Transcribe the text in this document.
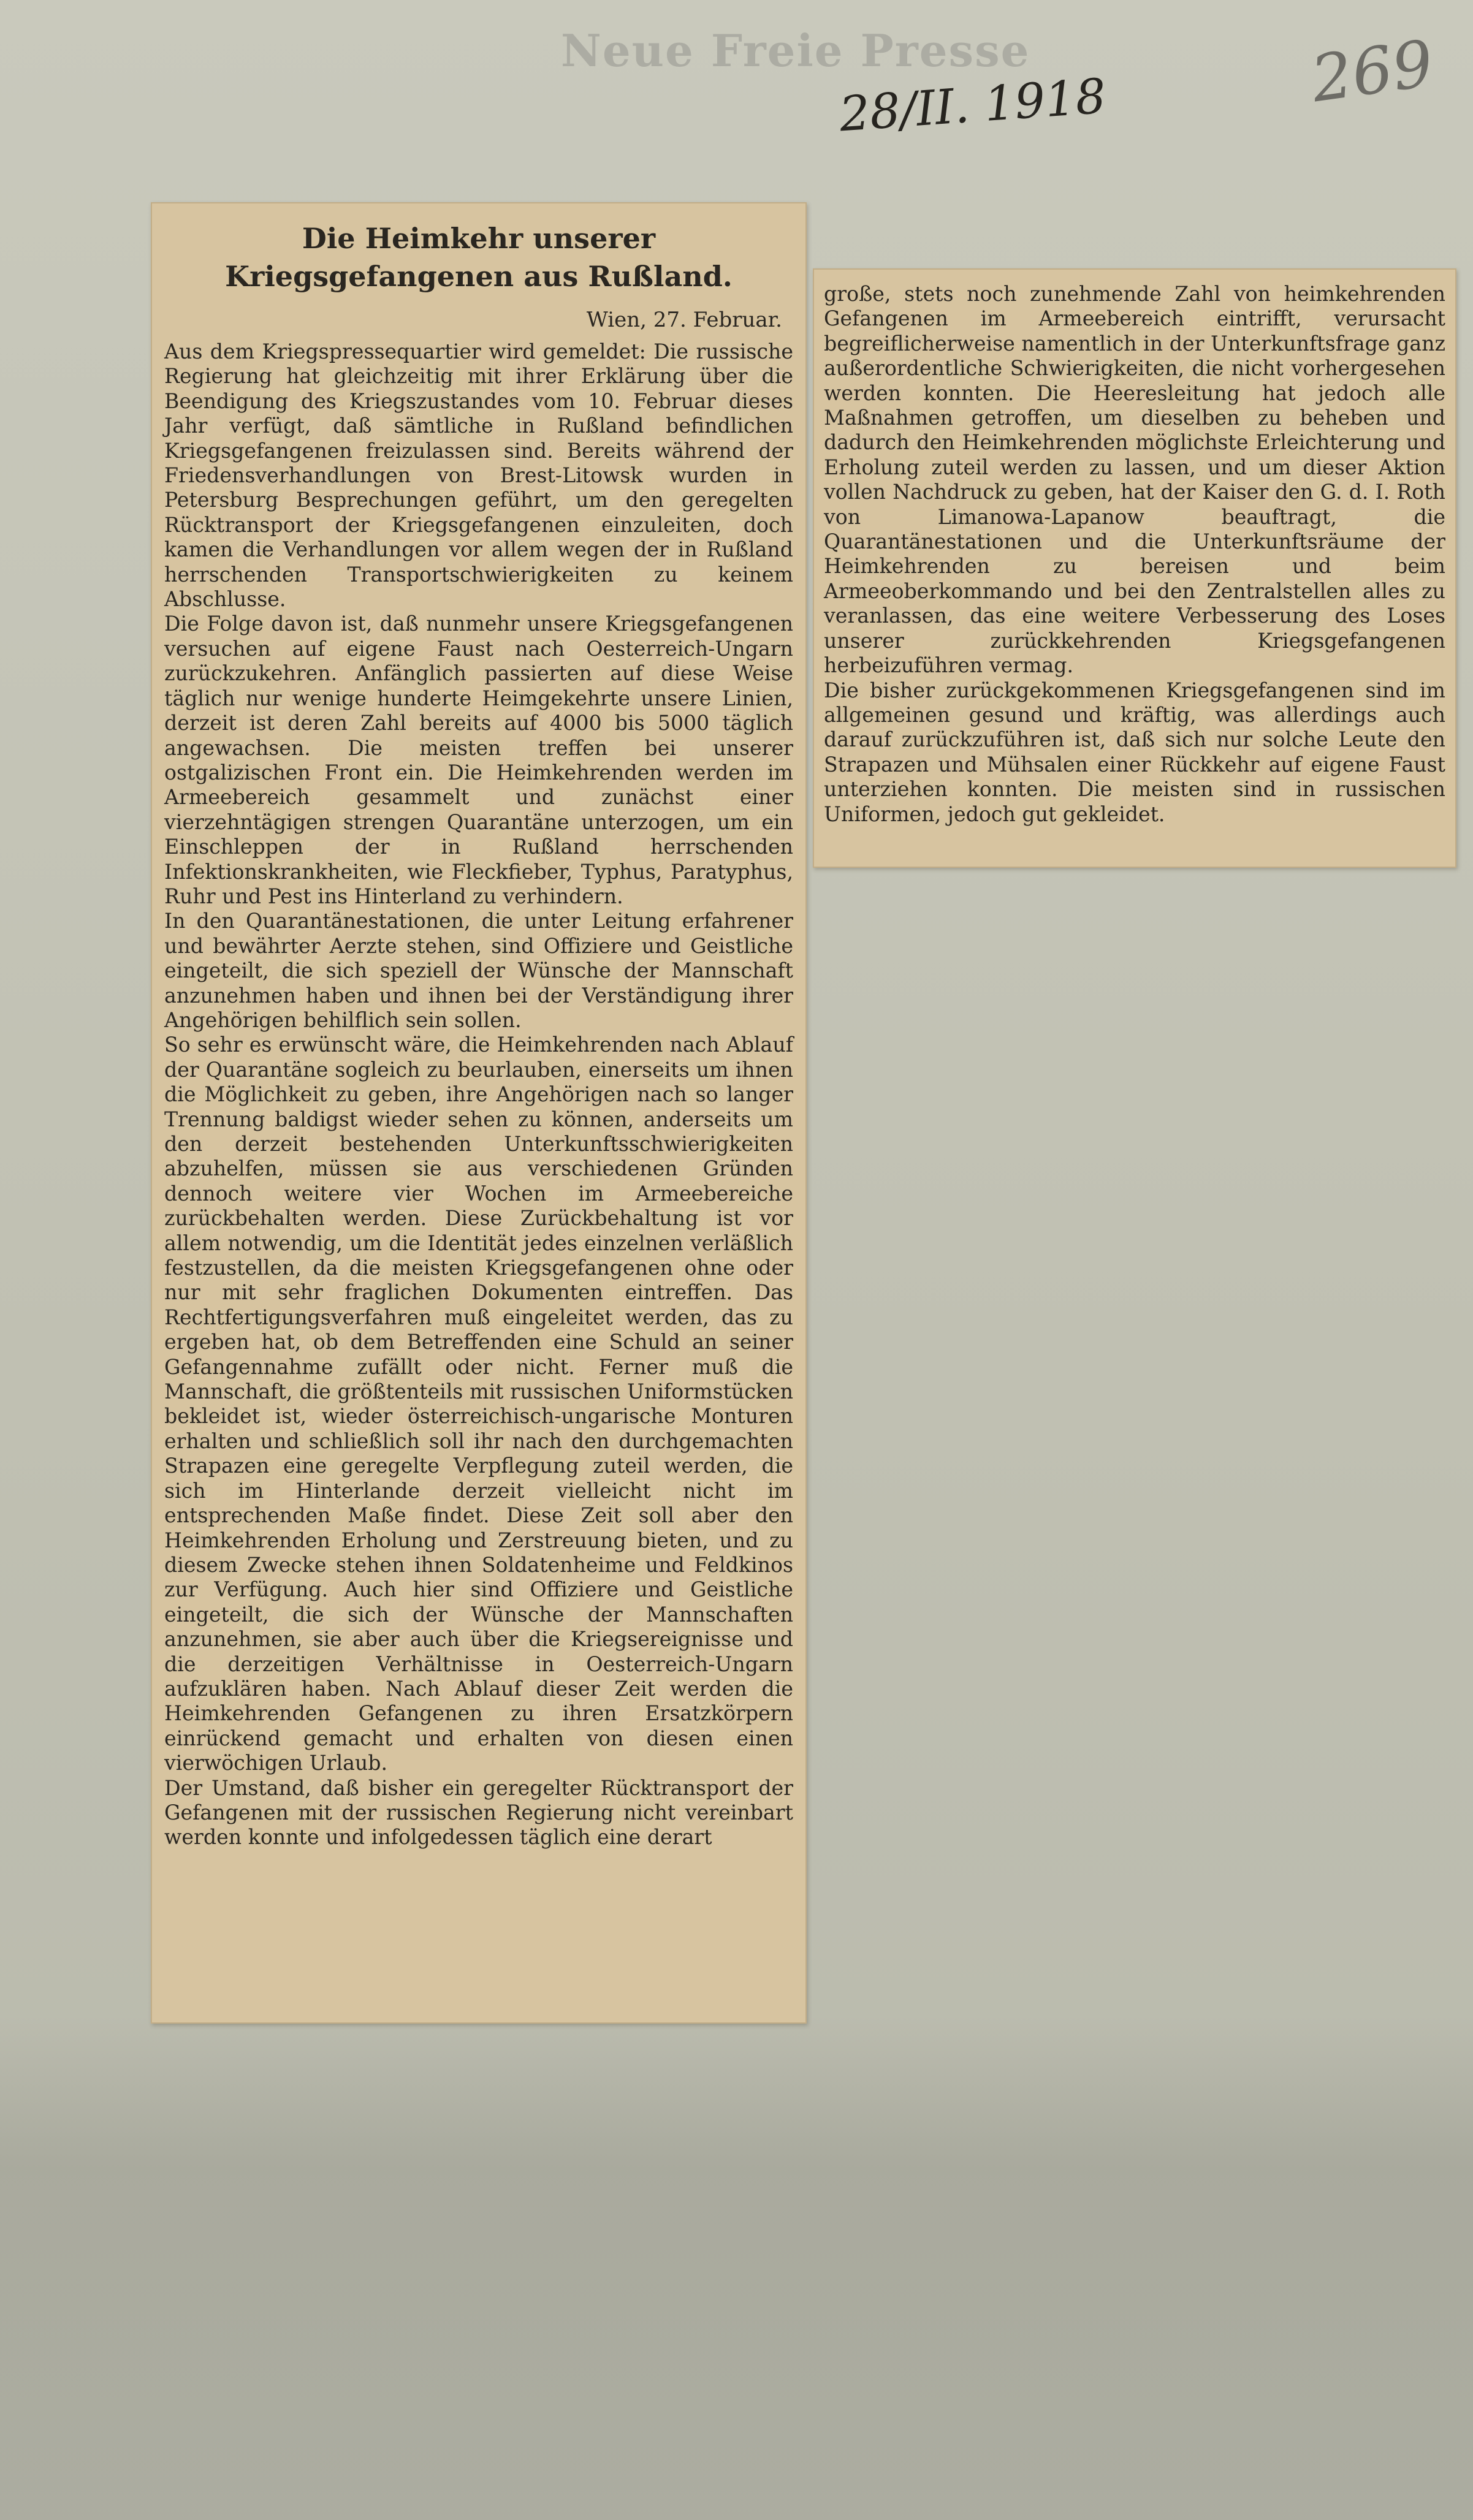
Neue Freie Presse
28/II. 1918	269
Die Heimkehr unserer Kriegsgefangenen aus Rußland.
Wien, 27. Februar.
Aus dem Kriegspressequartier wird gemeldet: Die russische Regierung hat gleichzeitig mit ihrer Erklärung über die Beendigung des Kriegszustandes vom 10. Februar dieses Jahr verfügt, daß sämtliche in Rußland befindlichen Kriegsgefangenen freizulassen sind. Bereits während der Friedensverhandlungen von Brest-Litowsk wurden in Petersburg Besprechungen geführt, um den geregelten Rücktransport der Kriegsgefangenen einzuleiten, doch kamen die Verhandlungen vor allem wegen der in Rußland herrschenden Transportschwierigkeiten zu keinem Abschlusse.
Die Folge davon ist, daß nunmehr unsere Kriegsgefangenen versuchen auf eigene Faust nach Oesterreich-Ungarn zurückzukehren. Anfänglich passierten auf diese Weise täglich nur wenige hunderte Heimgekehrte unsere Linien, derzeit ist deren Zahl bereits auf 4000 bis 5000 täglich angewachsen. Die meisten treffen bei unserer ostgalizischen Front ein. Die Heimkehrenden werden im Armeebereich gesammelt und zunächst einer vierzehntägigen strengen Quarantäne unterzogen, um ein Einschleppen der in Rußland herrschenden Infektionskrankheiten, wie Fleckfieber, Typhus, Paratyphus, Ruhr und Pest ins Hinterland zu verhindern.
In den Quarantänestationen, die unter Leitung erfahrener und bewährter Aerzte stehen, sind Offiziere und Geistliche eingeteilt, die sich speziell der Wünsche der Mannschaft anzunehmen haben und ihnen bei der Verständigung ihrer Angehörigen behilflich sein sollen.
So sehr es erwünscht wäre, die Heimkehrenden nach Ablauf der Quarantäne sogleich zu beurlauben, einerseits um ihnen die Möglichkeit zu geben, ihre Angehörigen nach so langer Trennung baldigst wieder sehen zu können, anderseits um den derzeit bestehenden Unterkunftsschwierigkeiten abzuhelfen, müssen sie aus verschiedenen Gründen dennoch weitere vier Wochen im Armeebereiche zurückbehalten werden. Diese Zurückbehaltung ist vor allem notwendig, um die Identität jedes einzelnen verläßlich festzustellen, da die meisten Kriegsgefangenen ohne oder nur mit sehr fraglichen Dokumenten eintreffen. Das Rechtfertigungsverfahren muß eingeleitet werden, das zu ergeben hat, ob dem Betreffenden eine Schuld an seiner Gefangennahme zufällt oder nicht. Ferner muß die Mannschaft, die größtenteils mit russischen Uniformstücken bekleidet ist, wieder österreichisch-ungarische Monturen erhalten und schließlich soll ihr nach den durchgemachten Strapazen eine geregelte Verpflegung zuteil werden, die sich im Hinterlande derzeit vielleicht nicht im entsprechenden Maße findet. Diese Zeit soll aber den Heimkehrenden Erholung und Zerstreuung bieten, und zu diesem Zwecke stehen ihnen Soldatenheime und Feldkinos zur Verfügung. Auch hier sind Offiziere und Geistliche eingeteilt, die sich der Wünsche der Mannschaften anzunehmen, sie aber auch über die Kriegsereignisse und die derzeitigen Verhältnisse in Oesterreich-Ungarn aufzuklären haben. Nach Ablauf dieser Zeit werden die Heimkehrenden Gefangenen zu ihren Ersatzkörpern einrückend gemacht und erhalten von diesen einen vierwöchigen Urlaub.
Der Umstand, daß bisher ein geregelter Rücktransport der Gefangenen mit der russischen Regierung nicht vereinbart werden konnte und infolgedessen täglich eine derart
große, stets noch zunehmende Zahl von heimkehrenden Gefangenen im Armeebereich eintrifft, verursacht begreiflicherweise namentlich in der Unterkunftsfrage ganz außerordentliche Schwierigkeiten, die nicht vorhergesehen werden konnten. Die Heeresleitung hat jedoch alle Maßnahmen getroffen, um dieselben zu beheben und dadurch den Heimkehrenden möglichste Erleichterung und Erholung zuteil werden zu lassen, und um dieser Aktion vollen Nachdruck zu geben, hat der Kaiser den G. d. I. Roth von Limanowa-Lapanow beauftragt, die Quarantänestationen und die Unterkunftsräume der Heimkehrenden zu bereisen und beim Armeeoberkommando und bei den Zentralstellen alles zu veranlassen, das eine weitere Verbesserung des Loses unserer zurückkehrenden Kriegsgefangenen herbeizuführen vermag.
Die bisher zurückgekommenen Kriegsgefangenen sind im allgemeinen gesund und kräftig, was allerdings auch darauf zurückzuführen ist, daß sich nur solche Leute den Strapazen und Mühsalen einer Rückkehr auf eigene Faust unterziehen konnten. Die meisten sind in russischen Uniformen, jedoch gut gekleidet.
